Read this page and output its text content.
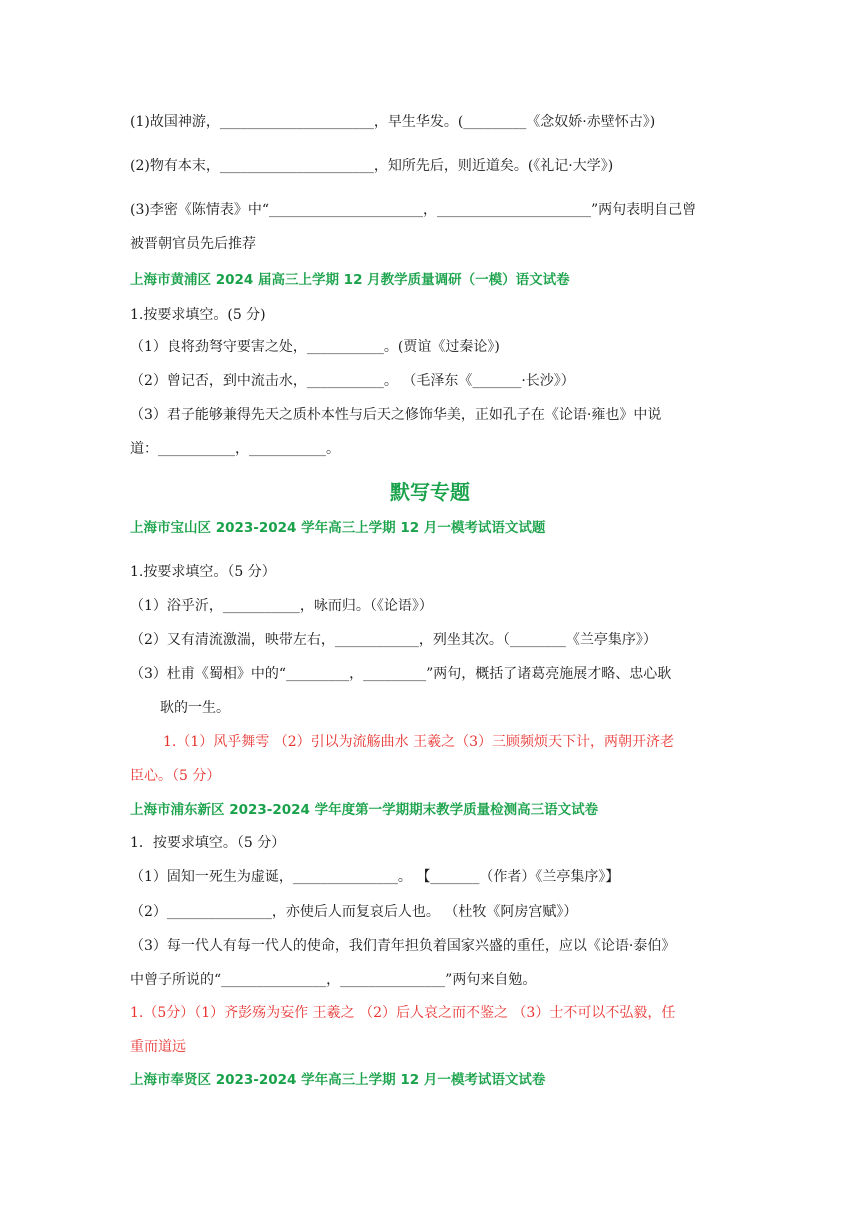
(1)故国神游，______________________，早生华发。(_________《念奴娇·赤壁怀古》)
(2)物有本末，______________________，知所先后，则近道矣。(《礼记·大学》)
(3)李密《陈情表》中“______________________，______________________”两句表明自己曾
被晋朝官员先后推荐
上海市黄浦区 2024 届高三上学期 12 月教学质量调研（一模）语文试卷
1.按要求填空。(5 分)
（1）良将劲弩守要害之处，___________。(贾谊《过秦论》)
（2）曾记否，到中流击水，___________。 （毛泽东《_______·长沙》）
（3）君子能够兼得先天之质朴本性与后天之修饰华美，正如孔子在《论语·雍也》中说
道：___________，___________。
默写专题
上海市宝山区 2023-2024 学年高三上学期 12 月一模考试语文试题
1.按要求填空。（5 分）
（1）浴乎沂，___________，咏而归。（《论语》）
（2）又有清流激湍，映带左右，____________，列坐其次。（________《兰亭集序》）
（3）杜甫《蜀相》中的“_________，_________”两句，概括了诸葛亮施展才略、忠心耿
耿的一生。
1.（1）风乎舞雩 （2）引以为流觞曲水 王羲之（3）三顾频烦天下计，两朝开济老
臣心。（5 分）
上海市浦东新区 2023-2024 学年度第一学期期末教学质量检测高三语文试卷
1．按要求填空。（5 分）
（1）固知一死生为虚诞，_______________。 【_______（作者）《兰亭集序》】
（2）_______________，亦使后人而复哀后人也。 （杜牧《阿房宫赋》）
（3）每一代人有每一代人的使命，我们青年担负着国家兴盛的重任，应以《论语·泰伯》
中曾子所说的“_______________，_______________”两句来自勉。
1.（5分）（1）齐彭殇为妄作 王羲之 （2）后人哀之而不鉴之 （3）士不可以不弘毅，任
重而道远
上海市奉贤区 2023-2024 学年高三上学期 12 月一模考试语文试卷
